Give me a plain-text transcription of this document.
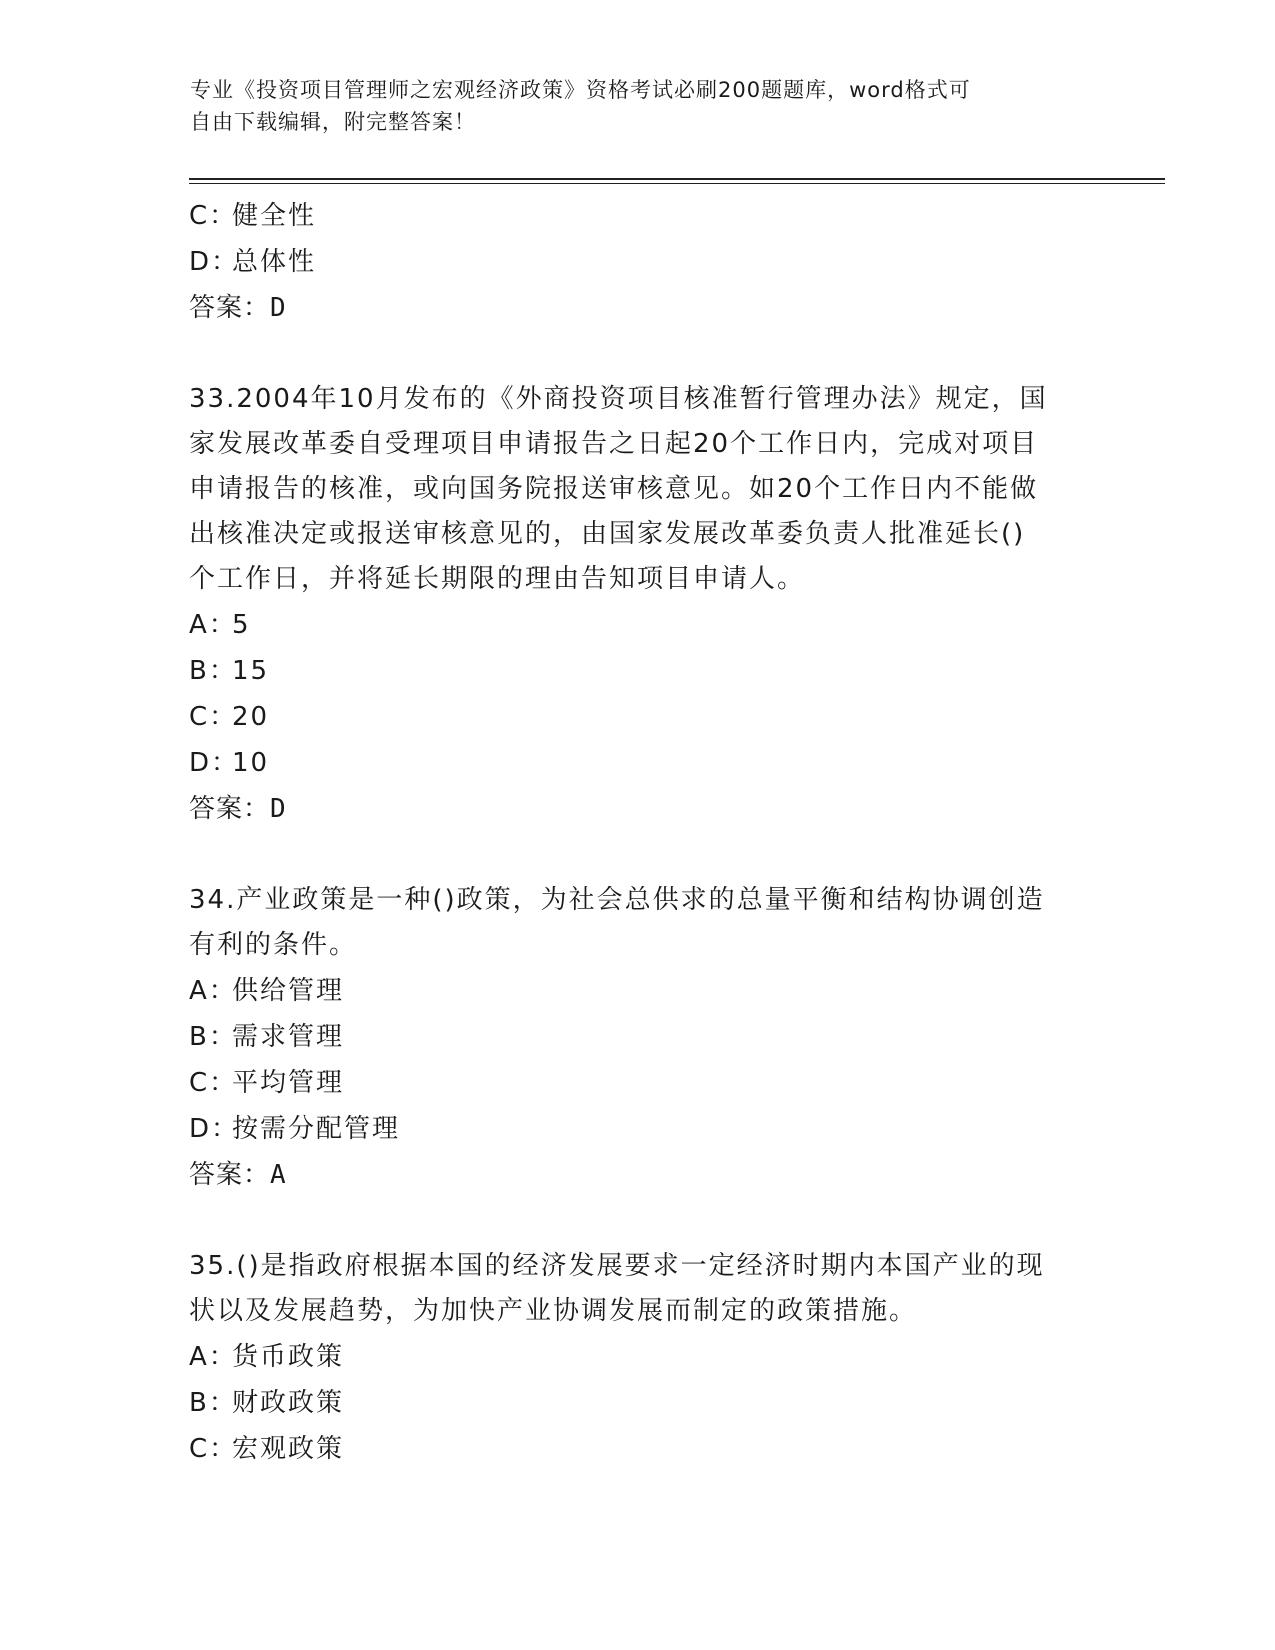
专业《投资项目管理师之宏观经济政策》资格考试必刷200题题库，word格式可
自由下载编辑，附完整答案！
C：健全性
D：总体性
答案：D
33.2004年10月发布的《外商投资项目核准暂行管理办法》规定，国
家发展改革委自受理项目申请报告之日起20个工作日内，完成对项目
申请报告的核准，或向国务院报送审核意见。如20个工作日内不能做
出核准决定或报送审核意见的，由国家发展改革委负责人批准延长()
个工作日，并将延长期限的理由告知项目申请人。
A：5
B：15
C：20
D：10
答案：D
34.产业政策是一种()政策，为社会总供求的总量平衡和结构协调创造
有利的条件。
A：供给管理
B：需求管理
C：平均管理
D：按需分配管理
答案：A
35.()是指政府根据本国的经济发展要求一定经济时期内本国产业的现
状以及发展趋势，为加快产业协调发展而制定的政策措施。
A：货币政策
B：财政政策
C：宏观政策
